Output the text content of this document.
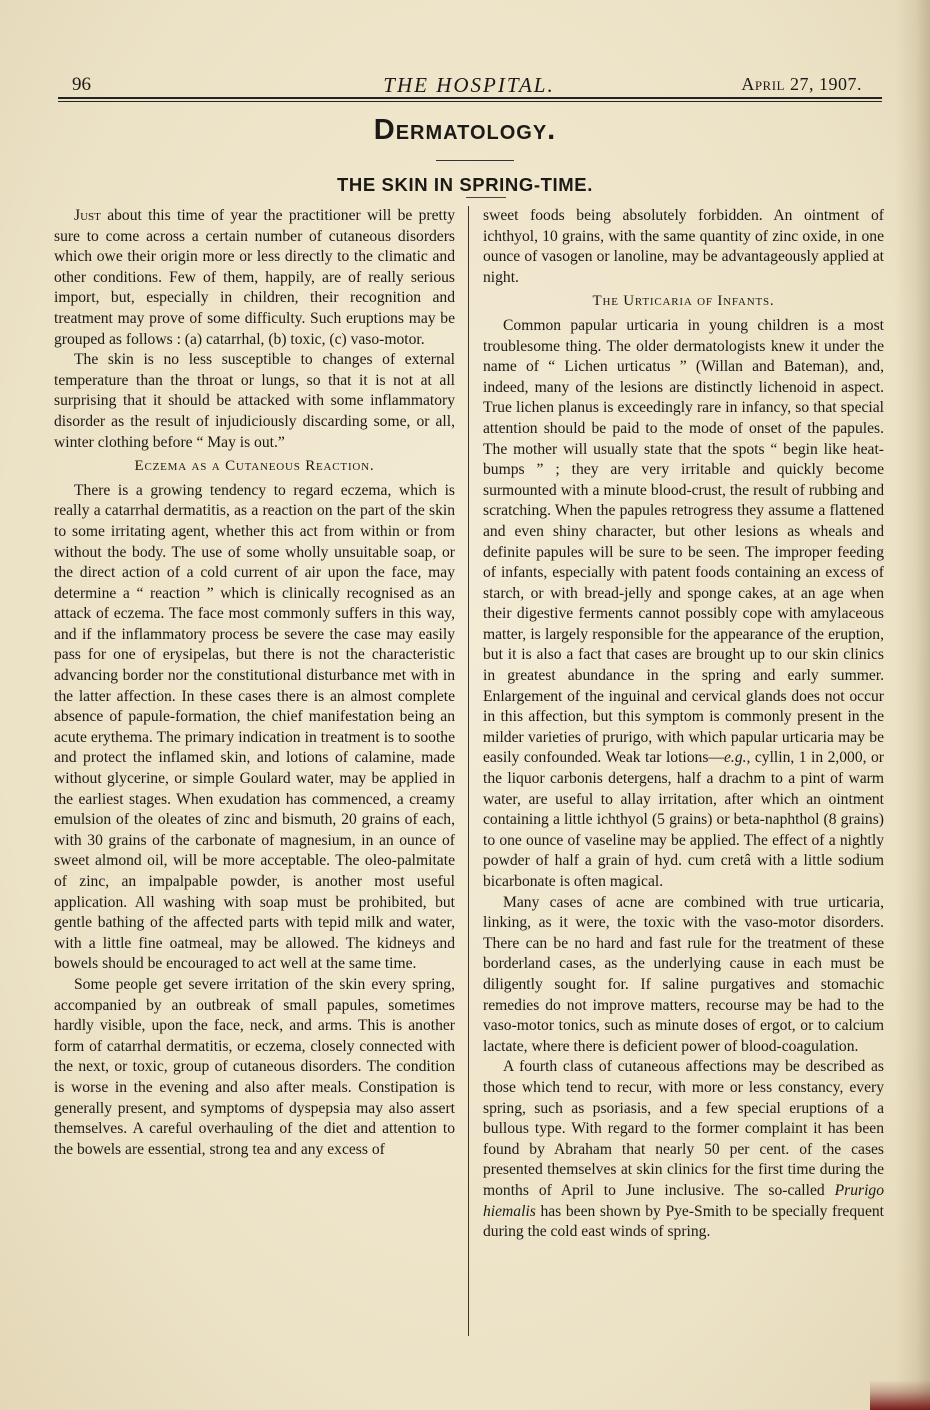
96	THE HOSPITAL.	April 27, 1907.
Dermatology.
THE SKIN IN SPRING-TIME.

Just about this time of year the practitioner will be pretty sure to come across a certain number of cutaneous disorders which owe their origin more or less directly to the climatic and other conditions. Few of them, happily, are of really serious import, but, especially in children, their recognition and treatment may prove of some difficulty. Such eruptions may be grouped as follows : (a) catarrhal, (b) toxic, (c) vaso-motor.

The skin is no less susceptible to changes of external temperature than the throat or lungs, so that it is not at all surprising that it should be attacked with some inflammatory disorder as the result of injudiciously discarding some, or all, winter clothing before “ May is out.”

Eczema as a Cutaneous Reaction.

There is a growing tendency to regard eczema, which is really a catarrhal dermatitis, as a reaction on the part of the skin to some irritating agent, whether this act from within or from without the body. The use of some wholly unsuitable soap, or the direct action of a cold current of air upon the face, may determine a “ reaction ” which is clinically recognised as an attack of eczema. The face most commonly suffers in this way, and if the inflammatory process be severe the case may easily pass for one of erysipelas, but there is not the characteristic advancing border nor the constitutional disturbance met with in the latter affection. In these cases there is an almost complete absence of papule-formation, the chief manifestation being an acute erythema. The primary indication in treatment is to soothe and protect the inflamed skin, and lotions of calamine, made without glycerine, or simple Goulard water, may be applied in the earliest stages. When exudation has commenced, a creamy emulsion of the oleates of zinc and bismuth, 20 grains of each, with 30 grains of the carbonate of magnesium, in an ounce of sweet almond oil, will be more acceptable. The oleo-palmitate of zinc, an impalpable powder, is another most useful application. All washing with soap must be prohibited, but gentle bathing of the affected parts with tepid milk and water, with a little fine oatmeal, may be allowed. The kidneys and bowels should be encouraged to act well at the same time.

Some people get severe irritation of the skin every spring, accompanied by an outbreak of small papules, sometimes hardly visible, upon the face, neck, and arms. This is another form of catarrhal dermatitis, or eczema, closely connected with the next, or toxic, group of cutaneous disorders. The condition is worse in the evening and also after meals. Constipation is generally present, and symptoms of dyspepsia may also assert themselves. A careful overhauling of the diet and attention to the bowels are essential, strong tea and any excess of

sweet foods being absolutely forbidden. An ointment of ichthyol, 10 grains, with the same quantity of zinc oxide, in one ounce of vasogen or lanoline, may be advantageously applied at night.

The Urticaria of Infants.

Common papular urticaria in young children is a most troublesome thing. The older dermatologists knew it under the name of “ Lichen urticatus ” (Willan and Bateman), and, indeed, many of the lesions are distinctly lichenoid in aspect. True lichen planus is exceedingly rare in infancy, so that special attention should be paid to the mode of onset of the papules. The mother will usually state that the spots “ begin like heat-bumps ” ; they are very irritable and quickly become surmounted with a minute blood-crust, the result of rubbing and scratching. When the papules retrogress they assume a flattened and even shiny character, but other lesions as wheals and definite papules will be sure to be seen. The improper feeding of infants, especially with patent foods containing an excess of starch, or with bread-jelly and sponge cakes, at an age when their digestive ferments cannot possibly cope with amylaceous matter, is largely responsible for the appearance of the eruption, but it is also a fact that cases are brought up to our skin clinics in greatest abundance in the spring and early summer. Enlargement of the inguinal and cervical glands does not occur in this affection, but this symptom is commonly present in the milder varieties of prurigo, with which papular urticaria may be easily confounded. Weak tar lotions—e.g., cyllin, 1 in 2,000, or the liquor carbonis detergens, half a drachm to a pint of warm water, are useful to allay irritation, after which an ointment containing a little ichthyol (5 grains) or beta-naphthol (8 grains) to one ounce of vaseline may be applied. The effect of a nightly powder of half a grain of hyd. cum cretâ with a little sodium bicarbonate is often magical.

Many cases of acne are combined with true urticaria, linking, as it were, the toxic with the vaso-motor disorders. There can be no hard and fast rule for the treatment of these borderland cases, as the underlying cause in each must be diligently sought for. If saline purgatives and stomachic remedies do not improve matters, recourse may be had to the vaso-motor tonics, such as minute doses of ergot, or to calcium lactate, where there is deficient power of blood-coagulation.

A fourth class of cutaneous affections may be described as those which tend to recur, with more or less constancy, every spring, such as psoriasis, and a few special eruptions of a bullous type. With regard to the former complaint it has been found by Abraham that nearly 50 per cent. of the cases presented themselves at skin clinics for the first time during the months of April to June inclusive. The so-called Prurigo hiemalis has been shown by Pye-Smith to be specially frequent during the cold east winds of spring.
